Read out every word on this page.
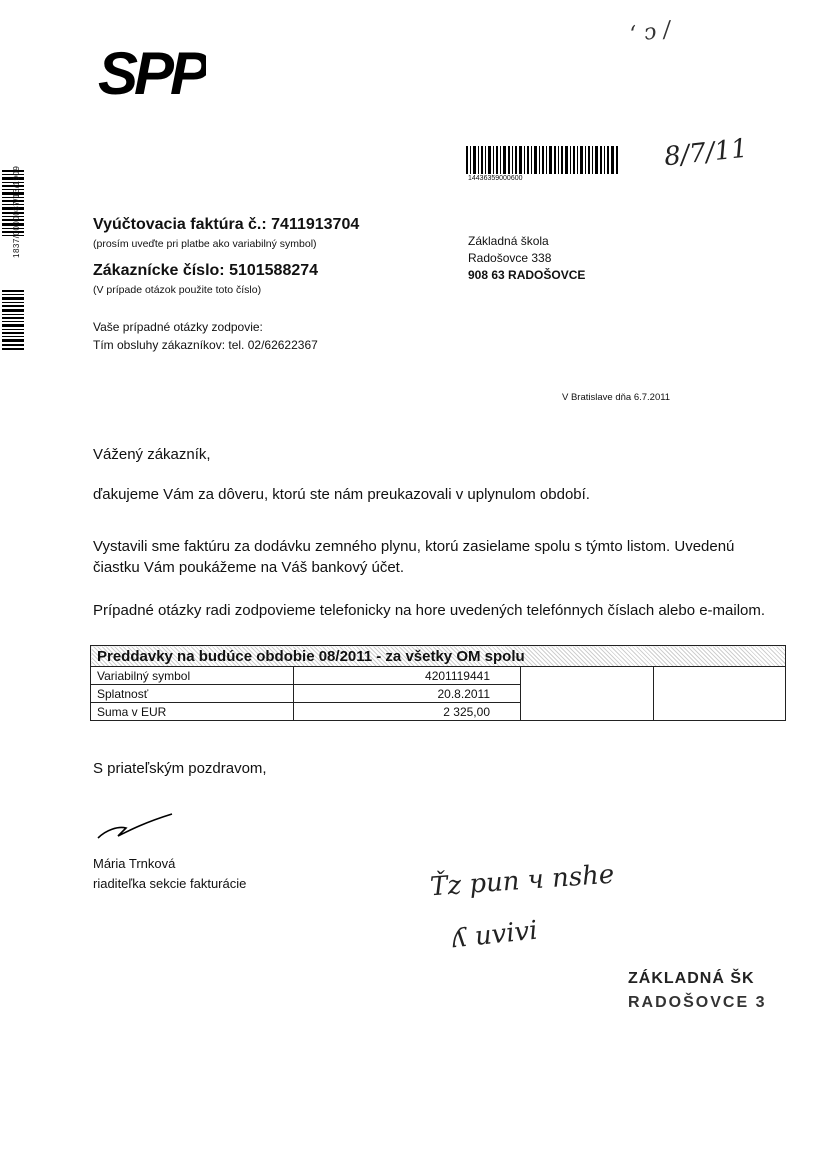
SPP
1837/0000087/13/1909	14436359000600
ʻ ↄ /
8/7/11
Vyúčtovacia faktúra č.: 7411913704
(prosím uveďte pri platbe ako variabilný symbol)
Zákaznícke číslo: 5101588274
(V prípade otázok použite toto číslo)
Vaše prípadné otázky zodpovie:
Tím obsluhy zákazníkov: tel. 02/62622367
Základná škola
Radošovce 338
908 63 RADOŠOVCE
V Bratislave dňa 6.7.2011
Vážený zákazník,
ďakujeme Vám za dôveru, ktorú ste nám preukazovali v uplynulom období.
Vystavili sme faktúru za dodávku zemného plynu, ktorú zasielame spolu s týmto listom. Uvedenú čiastku Vám poukážeme na Váš bankový účet.
Prípadné otázky radi zodpovieme telefonicky na hore uvedených telefónnych číslach alebo e-mailom.
Preddavky na budúce obdobie 08/2011 - za všetky OM spolu			
Variabilný symbol	4201119441		
Splatnosť	20.8.2011		
Suma v EUR	2 325,00		
S priateľským pozdravom,
Mária Trnková
riaditeľka sekcie fakturácie	Ťz pun ч nshe
ʎ uvivi
ZÁKLADNÁ ŠK
RADOŠOVCE 3
